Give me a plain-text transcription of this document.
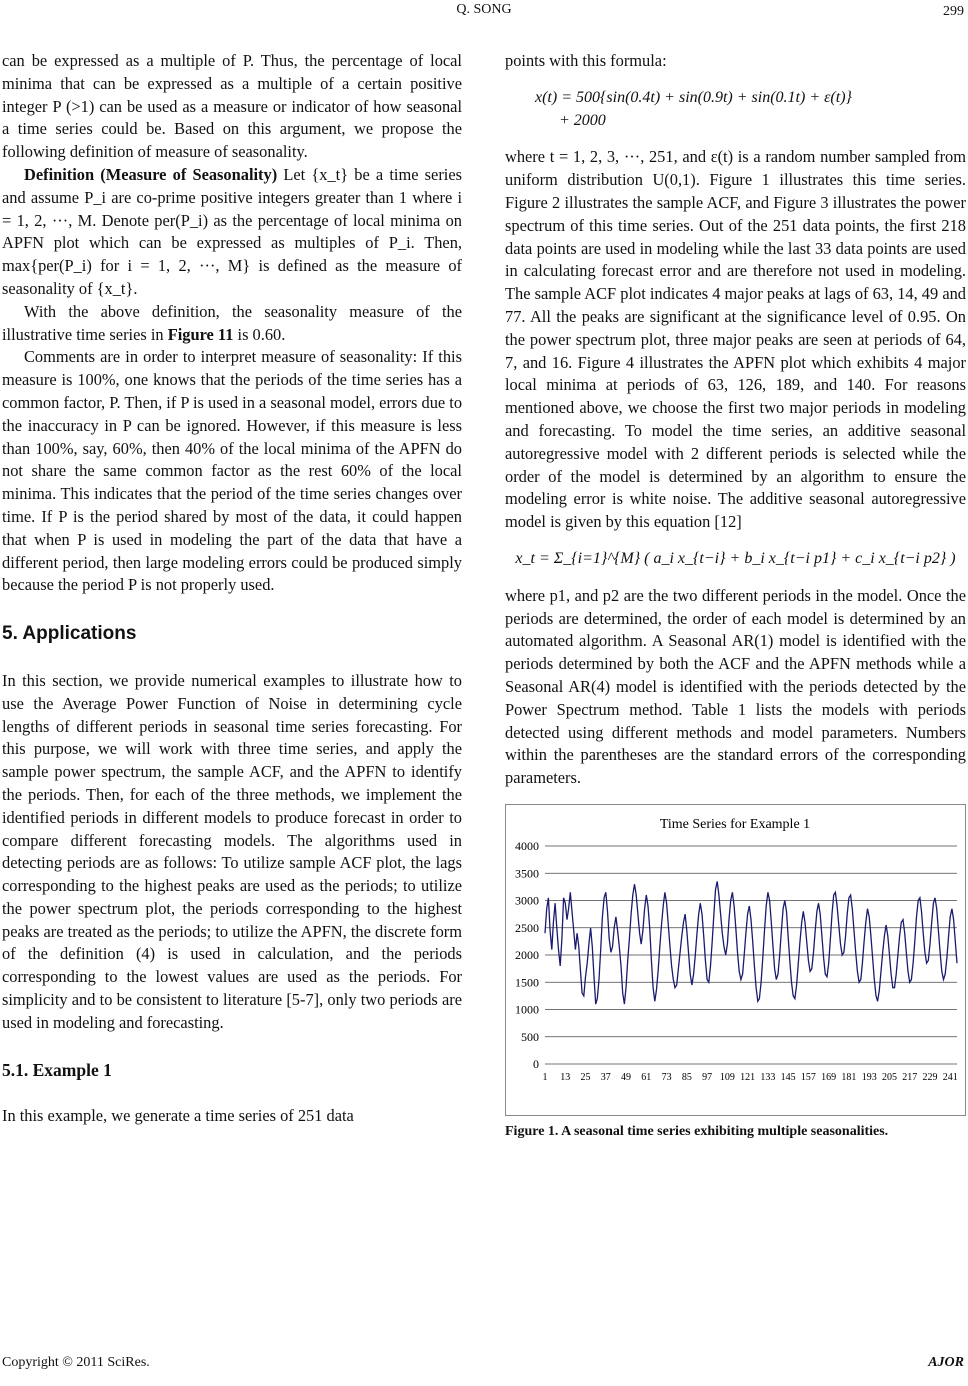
Q. SONG	299

can be expressed as a multiple of P. Thus, the percentage of local minima that can be expressed as a multiple of a certain positive integer P (>1) can be used as a measure or indicator of how seasonal a time series could be. Based on this argument, we propose the following definition of measure of seasonality.

Definition (Measure of Seasonality) Let {x_t} be a time series and assume P_i are co-prime positive integers greater than 1 where i = 1, 2, ···, M. Denote per(P_i) as the percentage of local minima on APFN plot which can be expressed as multiples of P_i. Then, max{per(P_i) for i = 1, 2, ···, M} is defined as the measure of seasonality of {x_t}.

With the above definition, the seasonality measure of the illustrative time series in Figure 11 is 0.60.

Comments are in order to interpret measure of seasonality: If this measure is 100%, one knows that the periods of the time series has a common factor, P. Then, if P is used in a seasonal model, errors due to the inaccuracy in P can be ignored. However, if this measure is less than 100%, say, 60%, then 40% of the local minima of the APFN do not share the same common factor as the rest 60% of the local minima. This indicates that the period of the time series changes over time. If P is the period shared by most of the data, it could happen that when P is used in modeling the part of the data that have a different period, then large modeling errors could be produced simply because the period P is not properly used.

5. Applications

In this section, we provide numerical examples to illustrate how to use the Average Power Function of Noise in determining cycle lengths of different periods in seasonal time series forecasting. For this purpose, we will work with three time series, and apply the sample power spectrum, the sample ACF, and the APFN to identify the periods. Then, for each of the three methods, we implement the identified periods in different models to produce forecast in order to compare different forecasting models. The algorithms used in detecting periods are as follows: To utilize sample ACF plot, the lags corresponding to the highest peaks are used as the periods; to utilize the power spectrum plot, the periods corresponding to the highest peaks are treated as the periods; to utilize the APFN, the discrete form of the definition (4) is used in calculation, and the periods corresponding to the lowest values are used as the periods. For simplicity and to be consistent to literature [5-7], only two periods are used in modeling and forecasting.

5.1. Example 1

In this example, we generate a time series of 251 data

points with this formula:

x(t) = 500{sin(0.4t) + sin(0.9t) + sin(0.1t) + ε(t)}
+ 2000

where t = 1, 2, 3, ···, 251, and ε(t) is a random number sampled from uniform distribution U(0,1). Figure 1 illustrates this time series. Figure 2 illustrates the sample ACF, and Figure 3 illustrates the power spectrum of this time series. Out of the 251 data points, the first 218 data points are used in modeling while the last 33 data points are used in calculating forecast error and are therefore not used in modeling. The sample ACF plot indicates 4 major peaks at lags of 63, 14, 49 and 77. All the peaks are significant at the significance level of 0.95. On the power spectrum plot, three major peaks are seen at periods of 64, 7, and 16. Figure 4 illustrates the APFN plot which exhibits 4 major local minima at periods of 63, 126, 189, and 140. For reasons mentioned above, we choose the first two major periods in modeling and forecasting. To model the time series, an additive seasonal autoregressive model with 2 different periods is selected while the order of the model is determined by an algorithm to ensure the modeling error is white noise. The additive seasonal autoregressive model is given by this equation [12]

x_t = Σ_{i=1}^{M} ( a_i x_{t−i} + b_i x_{t−i p1} + c_i x_{t−i p2} )

where p1, and p2 are the two different periods in the model. Once the periods are determined, the order of each model is determined by an automated algorithm. A Seasonal AR(1) model is identified with the periods determined by both the ACF and the APFN methods while a Seasonal AR(4) model is identified with the periods detected by the Power Spectrum method. Table 1 lists the models with periods detected using different methods and model parameters. Numbers within the parentheses are the standard errors of the corresponding parameters.

Time Series for Example 1
0
500
1000
1500
2000
2500
3000
3500
4000
1 13 25 37 49 61 73 85 97 109 121 133 145 157 169 181 193 205 217 229 241
Figure 1. A seasonal time series exhibiting multiple seasonalities.
Copyright © 2011 SciRes.	AJOR
